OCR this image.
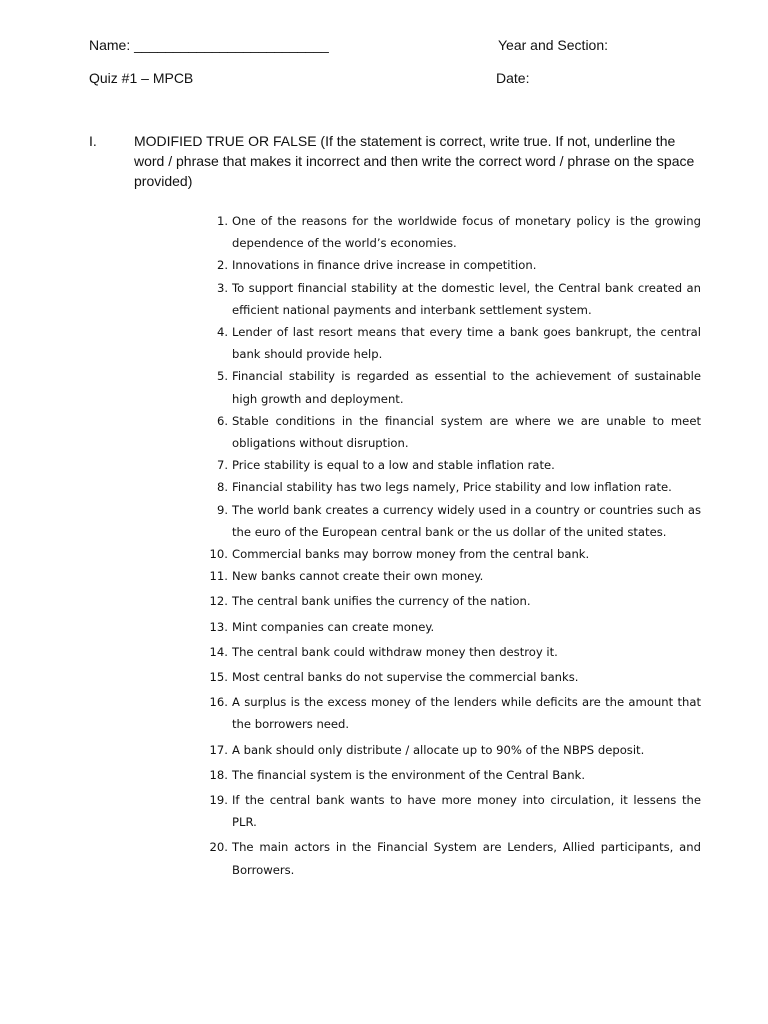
Name: _________________________	Year and Section:
Quiz #1 – MPCB	Date:
I.	MODIFIED TRUE OR FALSE (If the statement is correct, write true. If not, underline the word / phrase that makes it incorrect and then write the correct word / phrase on the space provided)
1. One of the reasons for the worldwide focus of monetary policy is the growing dependence of the world’s economies.
2. Innovations in finance drive increase in competition.
3. To support financial stability at the domestic level, the Central bank created an efficient national payments and interbank settlement system.
4. Lender of last resort means that every time a bank goes bankrupt, the central bank should provide help.
5. Financial stability is regarded as essential to the achievement of sustainable high growth and deployment.
6. Stable conditions in the financial system are where we are unable to meet obligations without disruption.
7. Price stability is equal to a low and stable inflation rate.
8. Financial stability has two legs namely, Price stability and low inflation rate.
9. The world bank creates a currency widely used in a country or countries such as the euro of the European central bank or the us dollar of the united states.
10. Commercial banks may borrow money from the central bank.
11. New banks cannot create their own money.
12. The central bank unifies the currency of the nation.
13. Mint companies can create money.
14. The central bank could withdraw money then destroy it.
15. Most central banks do not supervise the commercial banks.
16. A surplus is the excess money of the lenders while deficits are the amount that the borrowers need.
17. A bank should only distribute / allocate up to 90% of the NBPS deposit.
18. The financial system is the environment of the Central Bank.
19. If the central bank wants to have more money into circulation, it lessens the PLR.
20. The main actors in the Financial System are Lenders, Allied participants, and Borrowers.
